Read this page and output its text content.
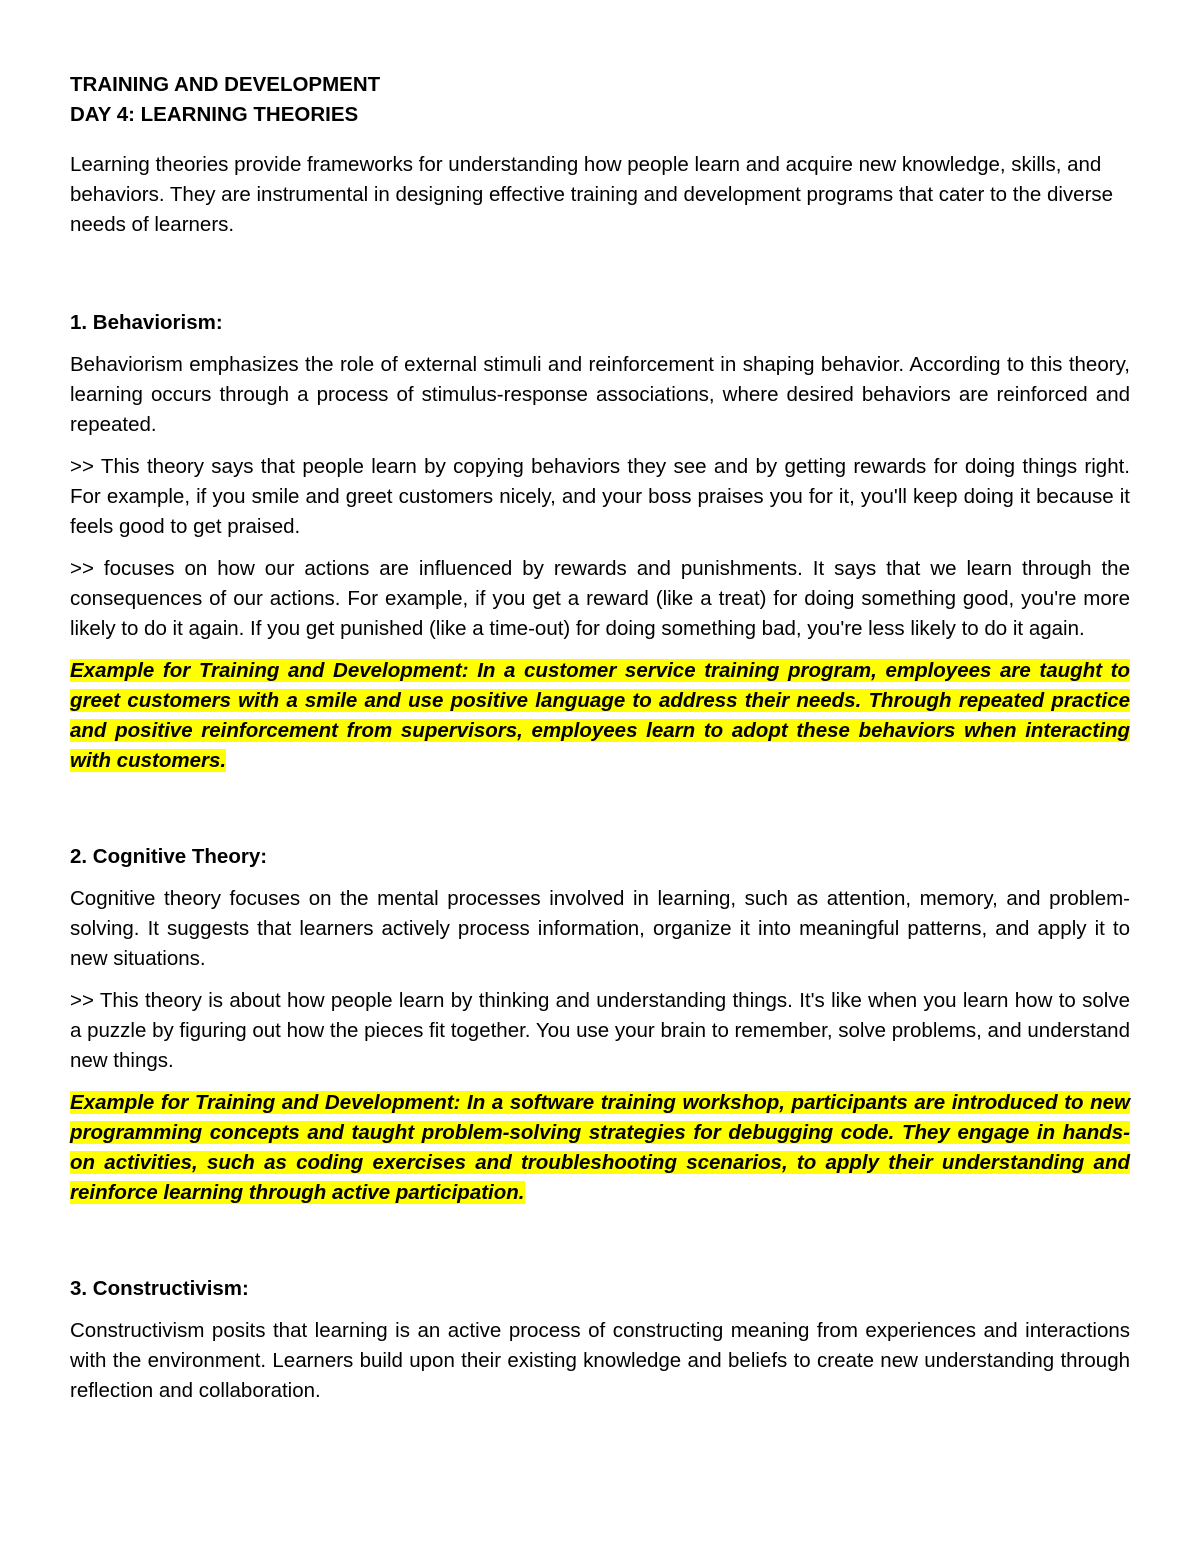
TRAINING AND DEVELOPMENT

DAY 4: LEARNING THEORIES

Learning theories provide frameworks for understanding how people learn and acquire new knowledge, skills, and behaviors. They are instrumental in designing effective training and development programs that cater to the diverse needs of learners.

1. Behaviorism:

Behaviorism emphasizes the role of external stimuli and reinforcement in shaping behavior. According to this theory, learning occurs through a process of stimulus-response associations, where desired behaviors are reinforced and repeated.

>> This theory says that people learn by copying behaviors they see and by getting rewards for doing things right. For example, if you smile and greet customers nicely, and your boss praises you for it, you'll keep doing it because it feels good to get praised.

>> focuses on how our actions are influenced by rewards and punishments. It says that we learn through the consequences of our actions. For example, if you get a reward (like a treat) for doing something good, you're more likely to do it again. If you get punished (like a time-out) for doing something bad, you're less likely to do it again.

Example for Training and Development: In a customer service training program, employees are taught to greet customers with a smile and use positive language to address their needs. Through repeated practice and positive reinforcement from supervisors, employees learn to adopt these behaviors when interacting with customers.

2. Cognitive Theory:

Cognitive theory focuses on the mental processes involved in learning, such as attention, memory, and problem-solving. It suggests that learners actively process information, organize it into meaningful patterns, and apply it to new situations.

>> This theory is about how people learn by thinking and understanding things. It's like when you learn how to solve a puzzle by figuring out how the pieces fit together. You use your brain to remember, solve problems, and understand new things.

Example for Training and Development: In a software training workshop, participants are introduced to new programming concepts and taught problem-solving strategies for debugging code. They engage in hands-on activities, such as coding exercises and troubleshooting scenarios, to apply their understanding and reinforce learning through active participation.

3. Constructivism:

Constructivism posits that learning is an active process of constructing meaning from experiences and interactions with the environment. Learners build upon their existing knowledge and beliefs to create new understanding through reflection and collaboration.
